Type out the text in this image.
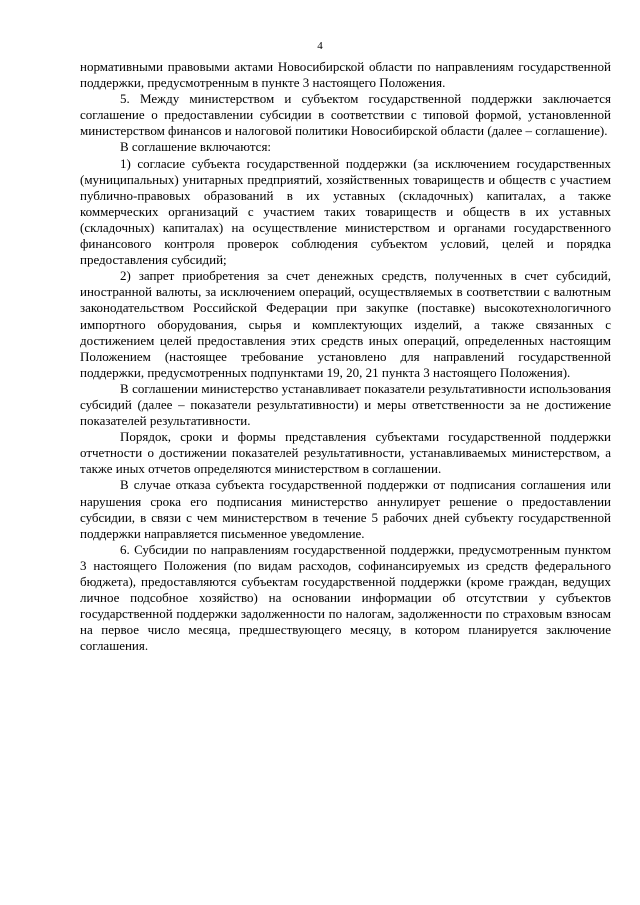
4

нормативными правовыми актами Новосибирской области по направлениям государственной поддержки, предусмотренным в пункте 3 настоящего Положения.

5. Между министерством и субъектом государственной поддержки заключается соглашение о предоставлении субсидии в соответствии с типовой формой, установленной министерством финансов и налоговой политики Новосибирской области (далее – соглашение).

В соглашение включаются:

1) согласие субъекта государственной поддержки (за исключением государственных (муниципальных) унитарных предприятий, хозяйственных товариществ и обществ с участием публично-правовых образований в их уставных (складочных) капиталах, а также коммерческих организаций с участием таких товариществ и обществ в их уставных (складочных) капиталах) на осуществление министерством и органами государственного финансового контроля проверок соблюдения субъектом условий, целей и порядка предоставления субсидий;

2) запрет приобретения за счет денежных средств, полученных в счет субсидий, иностранной валюты, за исключением операций, осуществляемых в соответствии с валютным законодательством Российской Федерации при закупке (поставке) высокотехнологичного импортного оборудования, сырья и комплектующих изделий, а также связанных с достижением целей предоставления этих средств иных операций, определенных настоящим Положением (настоящее требование установлено для направлений государственной поддержки, предусмотренных подпунктами 19, 20, 21 пункта 3 настоящего Положения).

В соглашении министерство устанавливает показатели результативности использования субсидий (далее – показатели результативности) и меры ответственности за не достижение показателей результативности.

Порядок, сроки и формы представления субъектами государственной поддержки отчетности о достижении показателей результативности, устанавливаемых министерством, а также иных отчетов определяются министерством в соглашении.

В случае отказа субъекта государственной поддержки от подписания соглашения или нарушения срока его подписания министерство аннулирует решение о предоставлении субсидии, в связи с чем министерством в течение 5 рабочих дней субъекту государственной поддержки направляется письменное уведомление.

6. Субсидии по направлениям государственной поддержки, предусмотренным пунктом 3 настоящего Положения (по видам расходов, софинансируемых из средств федерального бюджета), предоставляются субъектам государственной поддержки (кроме граждан, ведущих личное подсобное хозяйство) на основании информации об отсутствии у субъектов государственной поддержки задолженности по налогам, задолженности по страховым взносам на первое число месяца, предшествующего месяцу, в котором планируется заключение соглашения.
